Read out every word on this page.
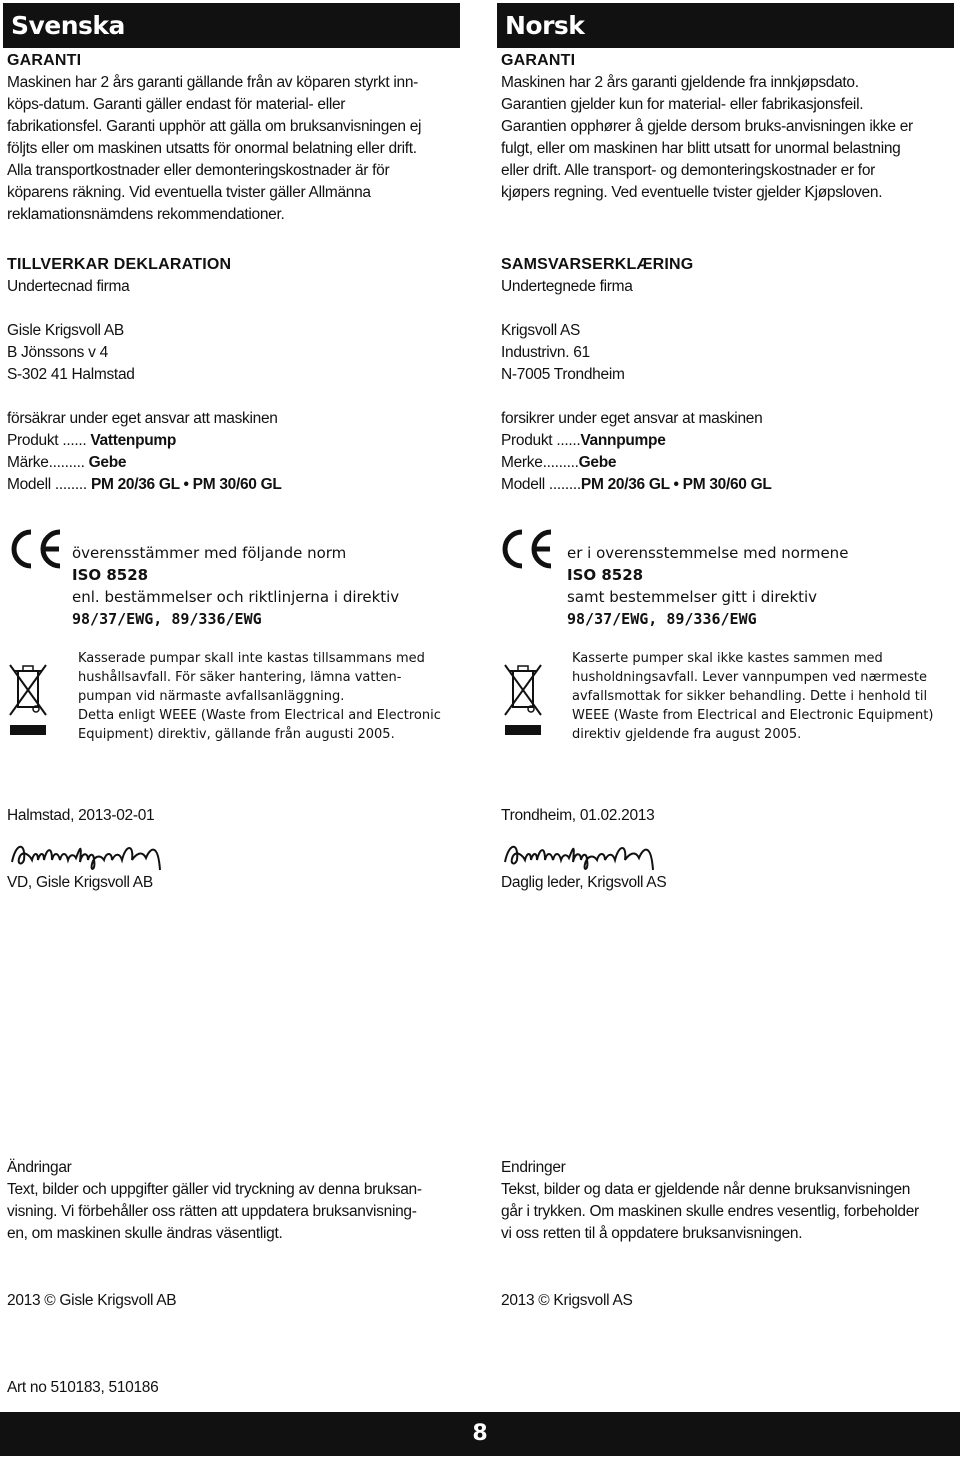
Svenska
GARANTI
Maskinen har 2 års garanti gällande från av köparen styrkt inn-
köps-datum. Garanti gäller endast för material- eller
fabrikationsfel. Garanti upphör att gälla om bruksanvisningen ej
följts eller om maskinen utsatts för onormal belatning eller drift.
Alla transportkostnader eller demonteringskostnader är för
köparens räkning. Vid eventuella tvister gäller Allmänna
reklamationsnämdens rekommendationer.
TILLVERKAR DEKLARATION
Undertecnad firma
Gisle Krigsvoll AB
B Jönssons v 4
S-302 41 Halmstad
försäkrar under eget ansvar att maskinen
Produkt ...... Vattenpump
Märke......... Gebe
Modell ........ PM 20/36 GL • PM 30/60 GL
överensstämmer med följande norm
ISO 8528
enl. bestämmelser och riktlinjerna i direktiv
98/37/EWG, 89/336/EWG
Kasserade pumpar skall inte kastas tillsammans med
hushållsavfall. För säker hantering, lämna vatten-
pumpan vid närmaste avfallsanläggning.
Detta enligt WEEE (Waste from Electrical and Electronic
Equipment) direktiv, gällande från augusti 2005.
Halmstad, 2013-02-01
VD, Gisle Krigsvoll AB
Ändringar
Text, bilder och uppgifter gäller vid tryckning av denna bruksan-
visning. Vi förbehåller oss rätten att uppdatera bruksanvisning-
en, om maskinen skulle ändras väsentligt.
2013 © Gisle Krigsvoll AB
Art no 510183, 510186
Norsk
GARANTI
Maskinen har 2 års garanti gjeldende fra innkjøpsdato.
Garantien gjelder kun for material- eller fabrikasjonsfeil.
Garantien opphører å gjelde dersom bruks-anvisningen ikke er
fulgt, eller om maskinen har blitt utsatt for unormal belastning
eller drift. Alle transport- og demonteringskostnader er for
kjøpers regning. Ved eventuelle tvister gjelder Kjøpsloven.
SAMSVARSERKLÆRING
Undertegnede firma
Krigsvoll AS
Industrivn. 61
N-7005 Trondheim
forsikrer under eget ansvar at maskinen
Produkt ......Vannpumpe
Merke.........Gebe
Modell ........PM 20/36 GL • PM 30/60 GL
er i overensstemmelse med normene
ISO 8528
samt bestemmelser gitt i direktiv
98/37/EWG, 89/336/EWG
Kasserte pumper skal ikke kastes sammen med
husholdningsavfall. Lever vannpumpen ved nærmeste
avfallsmottak for sikker behandling. Dette i henhold til
WEEE (Waste from Electrical and Electronic Equipment)
direktiv gjeldende fra august 2005.
Trondheim, 01.02.2013
Daglig leder, Krigsvoll AS
Endringer
Tekst, bilder og data er gjeldende når denne bruksanvisningen
går i trykken. Om maskinen skulle endres vesentlig, forbeholder
vi oss retten til å oppdatere bruksanvisningen.
2013 © Krigsvoll AS
8
